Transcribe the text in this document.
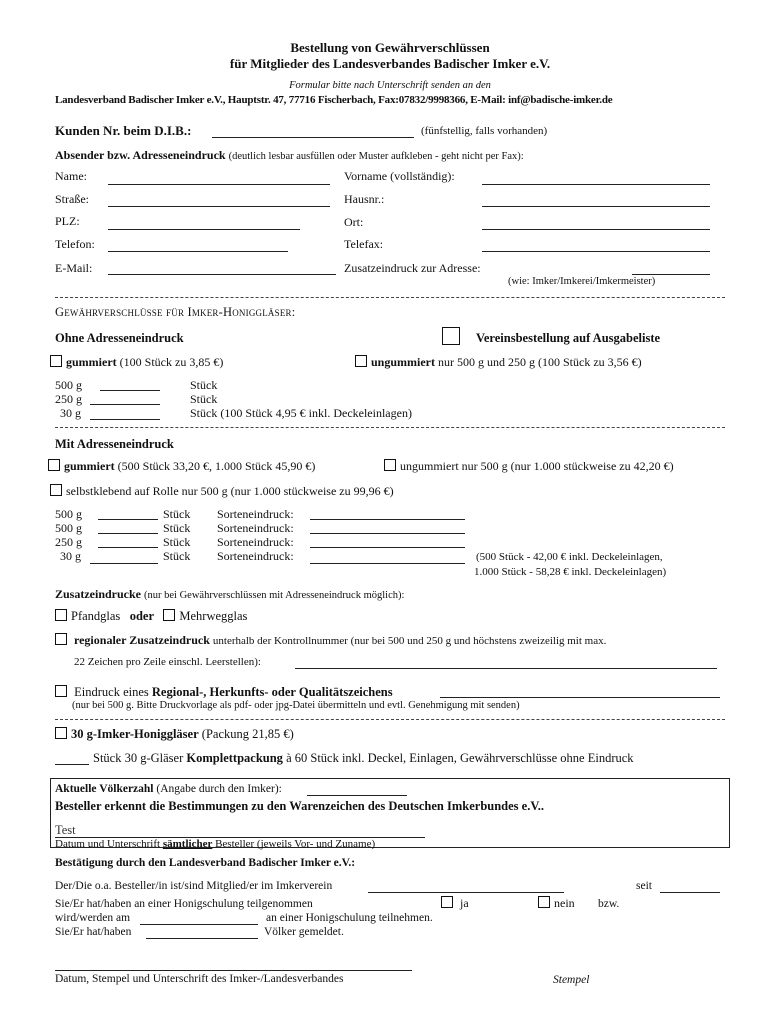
Bestellung von Gewährverschlüssen
für Mitglieder des Landesverbandes Badischer Imker e.V.
Formular bitte nach Unterschrift senden an den
Landesverband Badischer Imker e.V., Hauptstr. 47, 77716 Fischerbach, Fax:07832/9998366, E-Mail: inf@badische-imker.de
Kunden Nr. beim D.I.B.:	(fünfstellig, falls vorhanden)
Absender bzw. Adresseneindruck (deutlich lesbar ausfüllen oder Muster aufkleben - geht nicht per Fax):
Name:	Vorname (vollständig):
Straße:	Hausnr.:
PLZ:	Ort:
Telefon:	Telefax:
E-Mail:	Zusatzeindruck zur Adresse:
(wie: Imker/Imkerei/Imkermeister)
Gewährverschlüsse für Imker-Honiggläser:
Ohne Adresseneindruck	Vereinsbestellung auf Ausgabeliste
gummiert (100 Stück zu 3,85 €)	ungummiert nur 500 g und 250 g (100 Stück zu 3,56 €)
500 g	Stück
250 g	Stück
30 g	Stück (100 Stück 4,95 € inkl. Deckeleinlagen)
Mit Adresseneindruck
gummiert (500 Stück 33,20 €, 1.000 Stück 45,90 €)	ungummiert nur 500 g (nur 1.000 stückweise zu 42,20 €)
selbstklebend auf Rolle nur 500 g (nur 1.000 stückweise zu 99,96 €)
500 g	Stück Sorteneindruck:
500 g	Stück Sorteneindruck:
250 g	Stück Sorteneindruck:
30 g	Stück Sorteneindruck:	(500 Stück - 42,00 € inkl. Deckeleinlagen,
1.000 Stück - 58,28 € inkl. Deckeleinlagen)
Zusatzeindrucke (nur bei Gewährverschlüssen mit Adresseneindruck möglich):
Pfandglas oder Mehrwegglas
regionaler Zusatzeindruck unterhalb der Kontrollnummer (nur bei 500 und 250 g und höchstens zweizeilig mit max.
22 Zeichen pro Zeile einschl. Leerstellen):
Eindruck eines Regional-, Herkunfts- oder Qualitätszeichens
(nur bei 500 g. Bitte Druckvorlage als pdf- oder jpg-Datei übermitteln und evtl. Genehmigung mit senden)
30 g-Imker-Honiggläser (Packung 21,85 €)
Stück 30 g-Gläser Komplettpackung à 60 Stück inkl. Deckel, Einlagen, Gewährverschlüsse ohne Eindruck
Aktuelle Völkerzahl (Angabe durch den Imker):
Besteller erkennt die Bestimmungen zu den Warenzeichen des Deutschen Imkerbundes e.V..
Test
Datum und Unterschrift sämtlicher Besteller (jeweils Vor- und Zuname)
Bestätigung durch den Landesverband Badischer Imker e.V.:
Der/Die o.a. Besteller/in ist/sind Mitglied/er im Imkerverein	seit
Sie/Er hat/haben an einer Honigschulung teilgenommen	ja	nein bzw.
wird/werden am	an einer Honigschulung teilnehmen.
Sie/Er hat/haben	Völker gemeldet.
Datum, Stempel und Unterschrift des Imker-/Landesverbandes	Stempel
